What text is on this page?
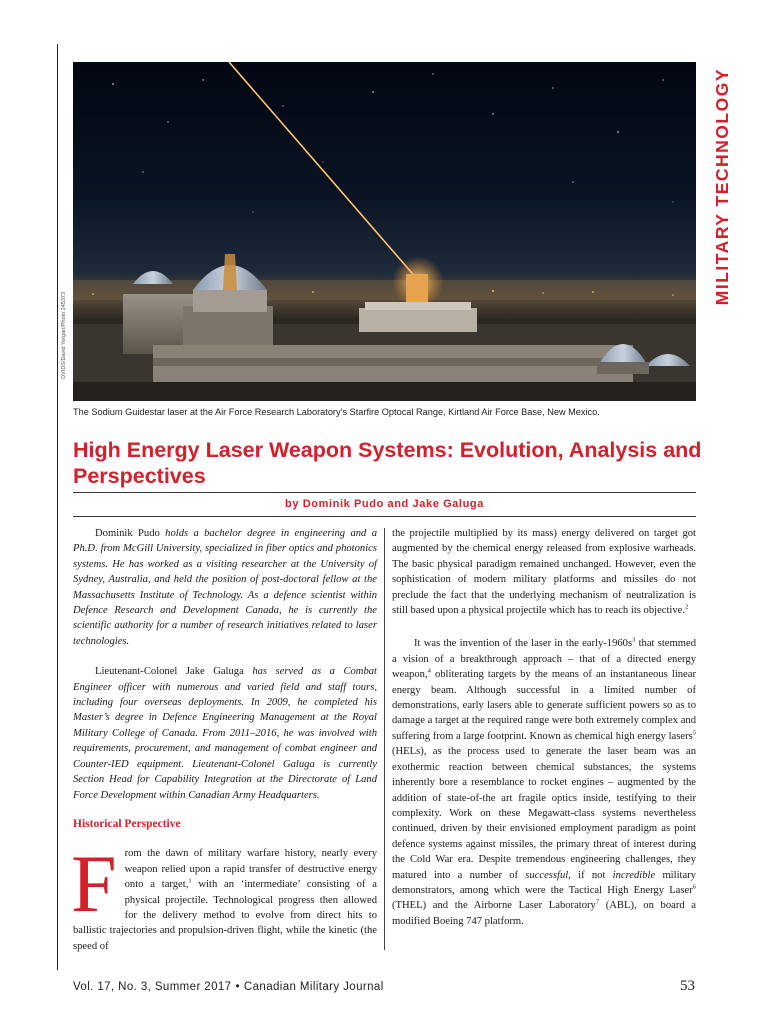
MILITARY TECHNOLOGY
DVIDS/David Yergan/Photo 245373
The Sodium Guidestar laser at the Air Force Research Laboratory’s Starfire Optocal Range, Kirtland Air Force Base, New Mexico.
High Energy Laser Weapon Systems: Evolution, Analysis and Perspectives
by Dominik Pudo and Jake Galuga

Dominik Pudo holds a bachelor degree in engineering and a Ph.D. from McGill University, specialized in fiber optics and photonics systems. He has worked as a visiting researcher at the University of Sydney, Australia, and held the position of post-doctoral fellow at the Massachusetts Institute of Technology. As a defence scientist within Defence Research and Development Canada, he is currently the scientific authority for a number of research initiatives related to laser technologies.

Lieutenant-Colonel Jake Galuga has served as a Combat Engineer officer with numerous and varied field and staff tours, including four overseas deployments. In 2009, he completed his Master’s degree in Defence Engineering Management at the Royal Military College of Canada. From 2011–2016, he was involved with requirements, procurement, and management of combat engineer and Counter-IED equipment. Lieutenant-Colonel Galuga is currently Section Head for Capability Integration at the Directorate of Land Force Development within Canadian Army Headquarters.

Historical Perspective

From the dawn of military warfare history, nearly every weapon relied upon a rapid transfer of destructive energy onto a target,$^1$ with an ‘intermediate’ consisting of a physical projectile. Technological progress then allowed for the delivery method to evolve from direct hits to ballistic trajectories and propulsion-driven flight, while the kinetic (the speed of

the projectile multiplied by its mass) energy delivered on target got augmented by the chemical energy released from explosive warheads. The basic physical paradigm remained unchanged. However, even the sophistication of modern military platforms and missiles do not preclude the fact that the underlying mechanism of neutralization is still based upon a physical projectile which has to reach its objective.$^2$

It was the invention of the laser in the early-$1960s^3$ that stemmed a vision of a breakthrough approach – that of a directed energy weapon,$^4$ obliterating targets by the means of an instantaneous linear energy beam. Although successful in a limited number of demonstrations, early lasers able to generate sufficient powers so as to damage a target at the required range were both extremely complex and suffering from a large footprint. Known as chemical high energy lasers$^5$ (HELs), as the process used to generate the laser beam was an exothermic reaction between chemical substances, the systems inherently bore a resemblance to rocket engines – augmented by the addition of state-of-the art fragile optics inside, testifying to their complexity. Work on these Megawatt-class systems nevertheless continued, driven by their envisioned employment paradigm as point defence systems against missiles, the primary threat of interest during the Cold War era. Despite tremendous engineering challenges, they matured into a number of successful, if not incredible military demonstrators, among which were the Tactical High Energy Laser$^6$ (THEL) and the Airborne Laser Laboratory$^7$ (ABL), on board a modified Boeing 747 platform.

Vol. 17, No. 3, Summer 2017 • Canadian Military Journal	53
